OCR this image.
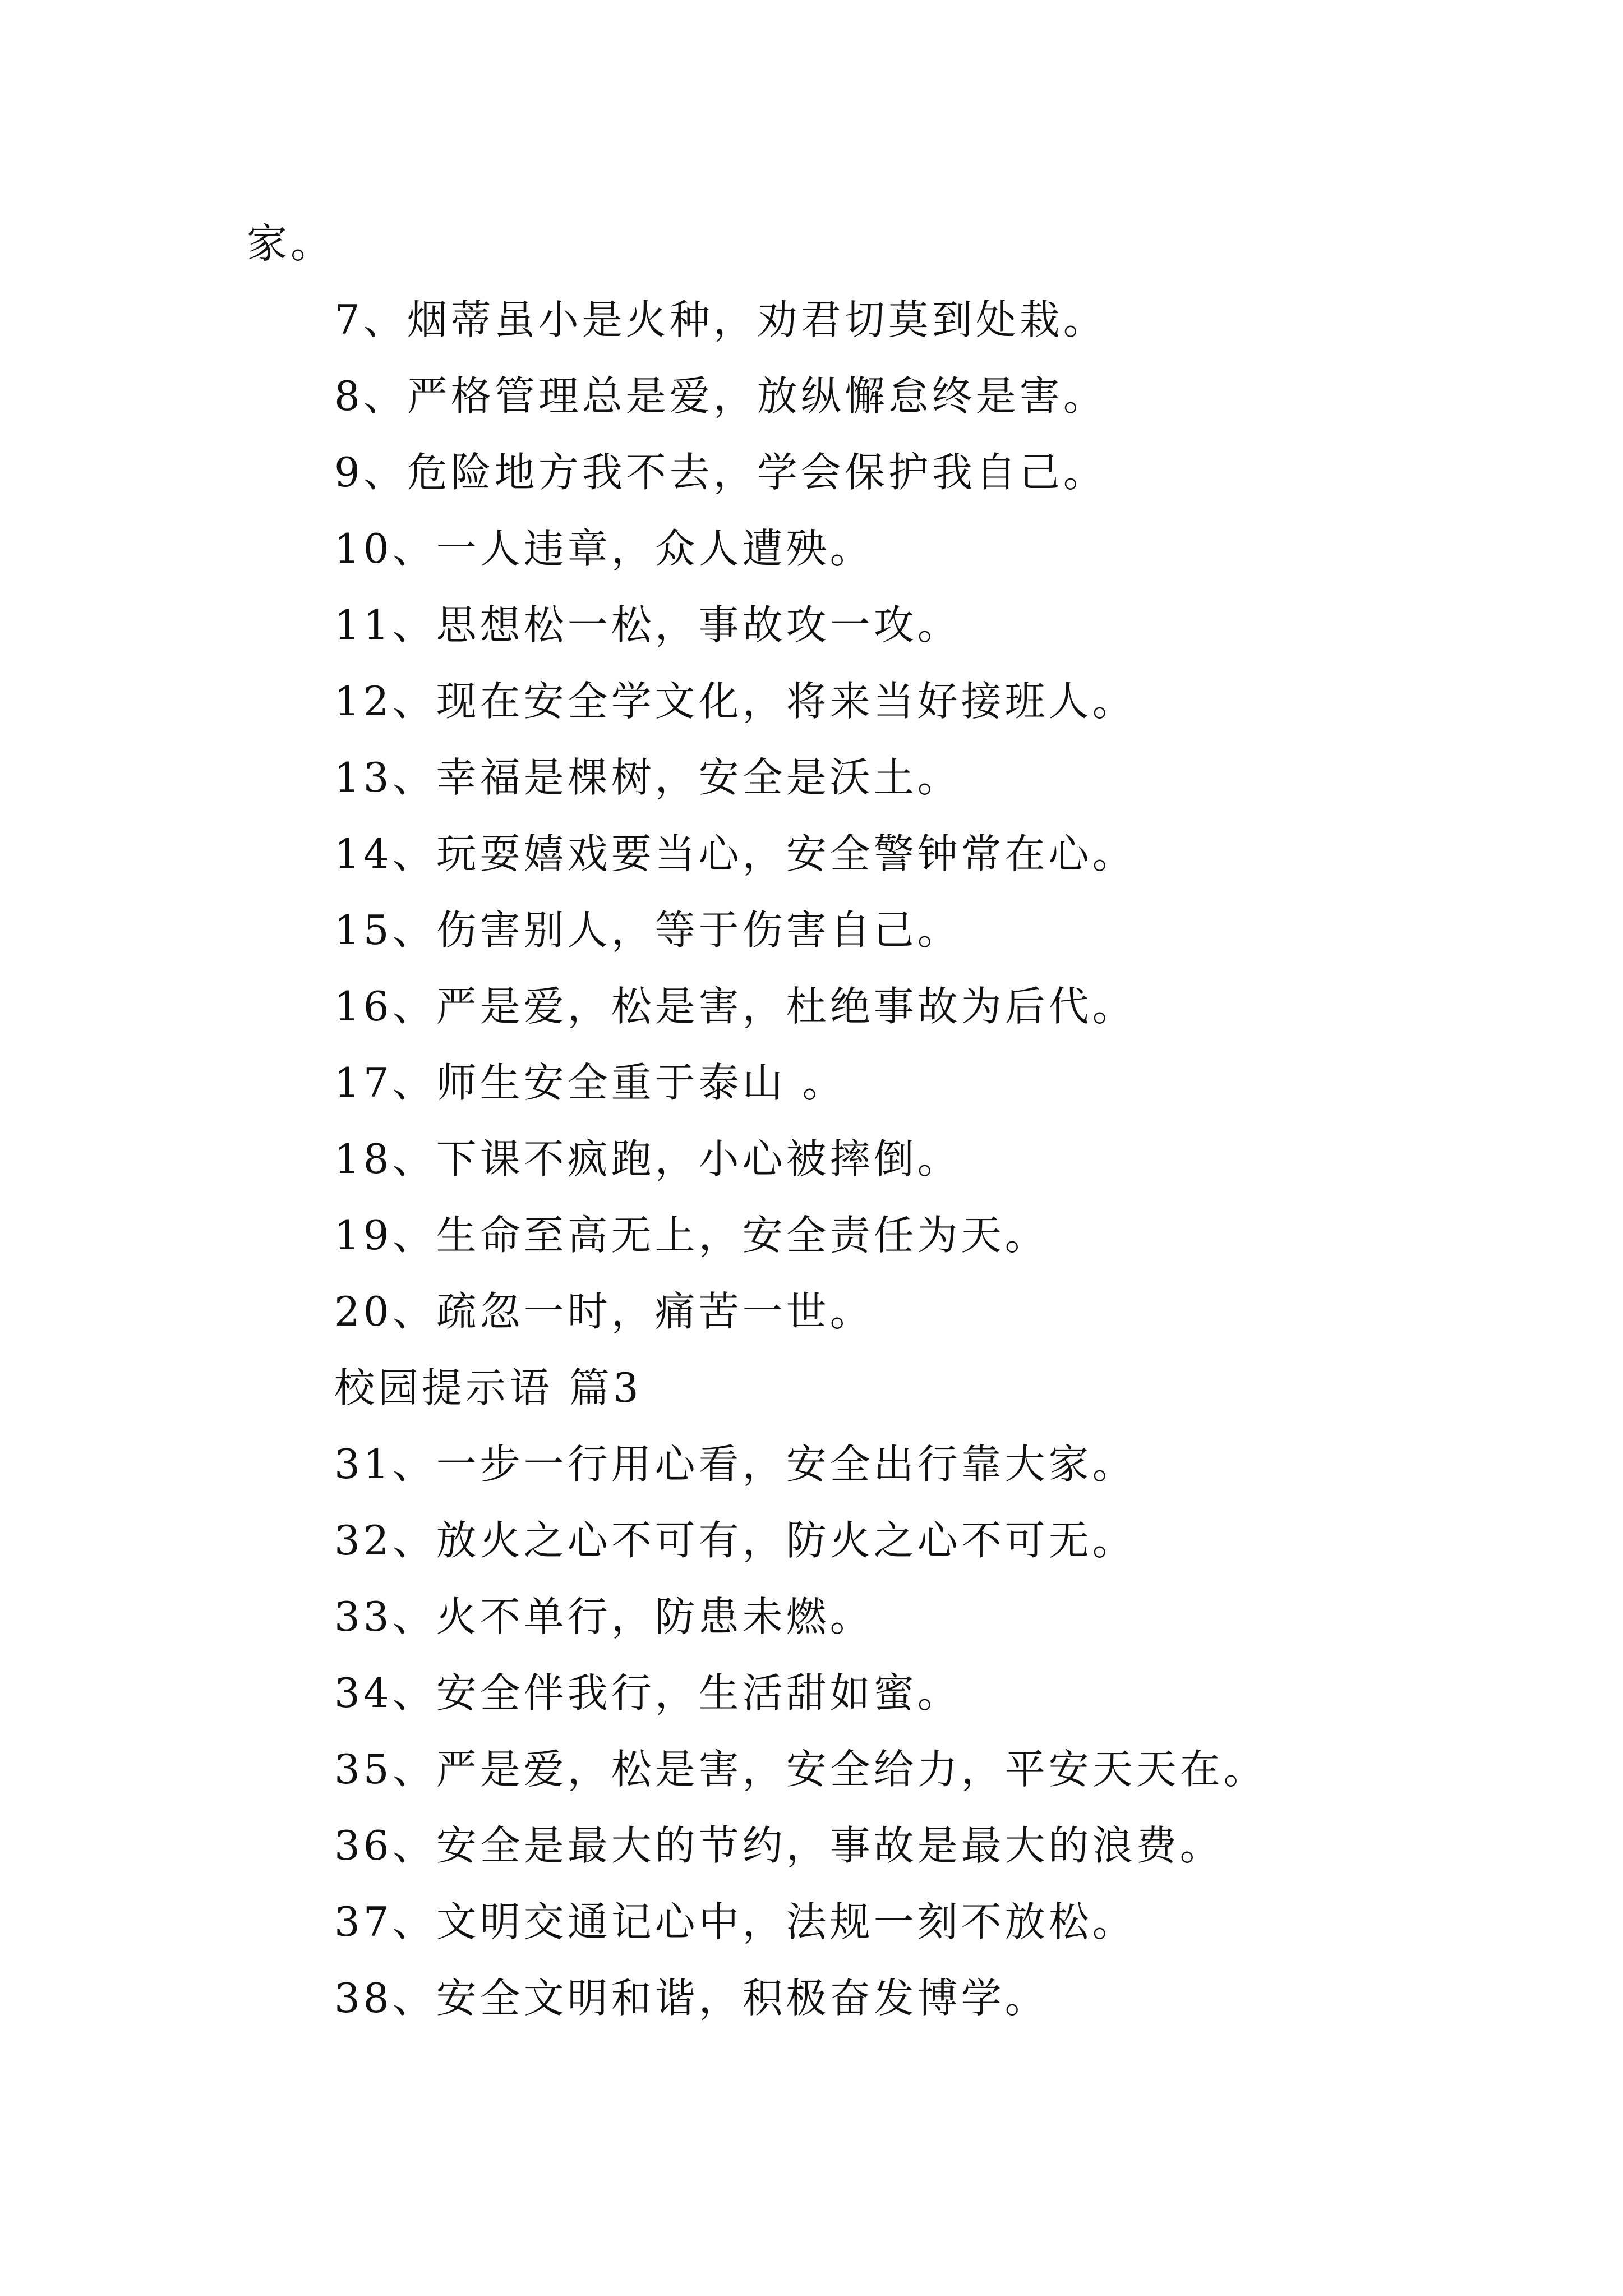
家。
7、烟蒂虽小是火种，劝君切莫到处栽。
8、严格管理总是爱，放纵懈怠终是害。
9、危险地方我不去，学会保护我自己。
10、一人违章，众人遭殃。
11、思想松一松，事故攻一攻。
12、现在安全学文化，将来当好接班人。
13、幸福是棵树，安全是沃土。
14、玩耍嬉戏要当心，安全警钟常在心。
15、伤害别人，等于伤害自己。
16、严是爱，松是害，杜绝事故为后代。
17、师生安全重于泰山 。
18、下课不疯跑，小心被摔倒。
19、生命至高无上，安全责任为天。
20、疏忽一时，痛苦一世。
校园提示语 篇3
31、一步一行用心看，安全出行靠大家。
32、放火之心不可有，防火之心不可无。
33、火不单行，防患未燃。
34、安全伴我行，生活甜如蜜。
35、严是爱，松是害，安全给力，平安天天在。
36、安全是最大的节约，事故是最大的浪费。
37、文明交通记心中，法规一刻不放松。
38、安全文明和谐，积极奋发博学。
